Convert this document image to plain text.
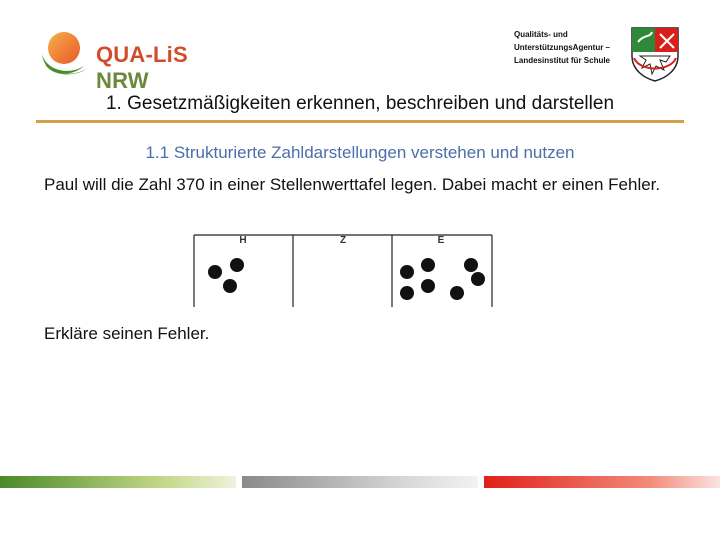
QUA-LiS NRW
Qualitäts- und
UnterstützungsAgentur –
Landesinstitut für Schule
1. Gesetzmäßigkeiten erkennen, beschreiben und darstellen
1.1 Strukturierte Zahldarstellungen verstehen und nutzen
Paul will die Zahl 370 in einer Stellenwerttafel legen. Dabei macht er einen Fehler.
H	Z	E
Erkläre seinen Fehler.
